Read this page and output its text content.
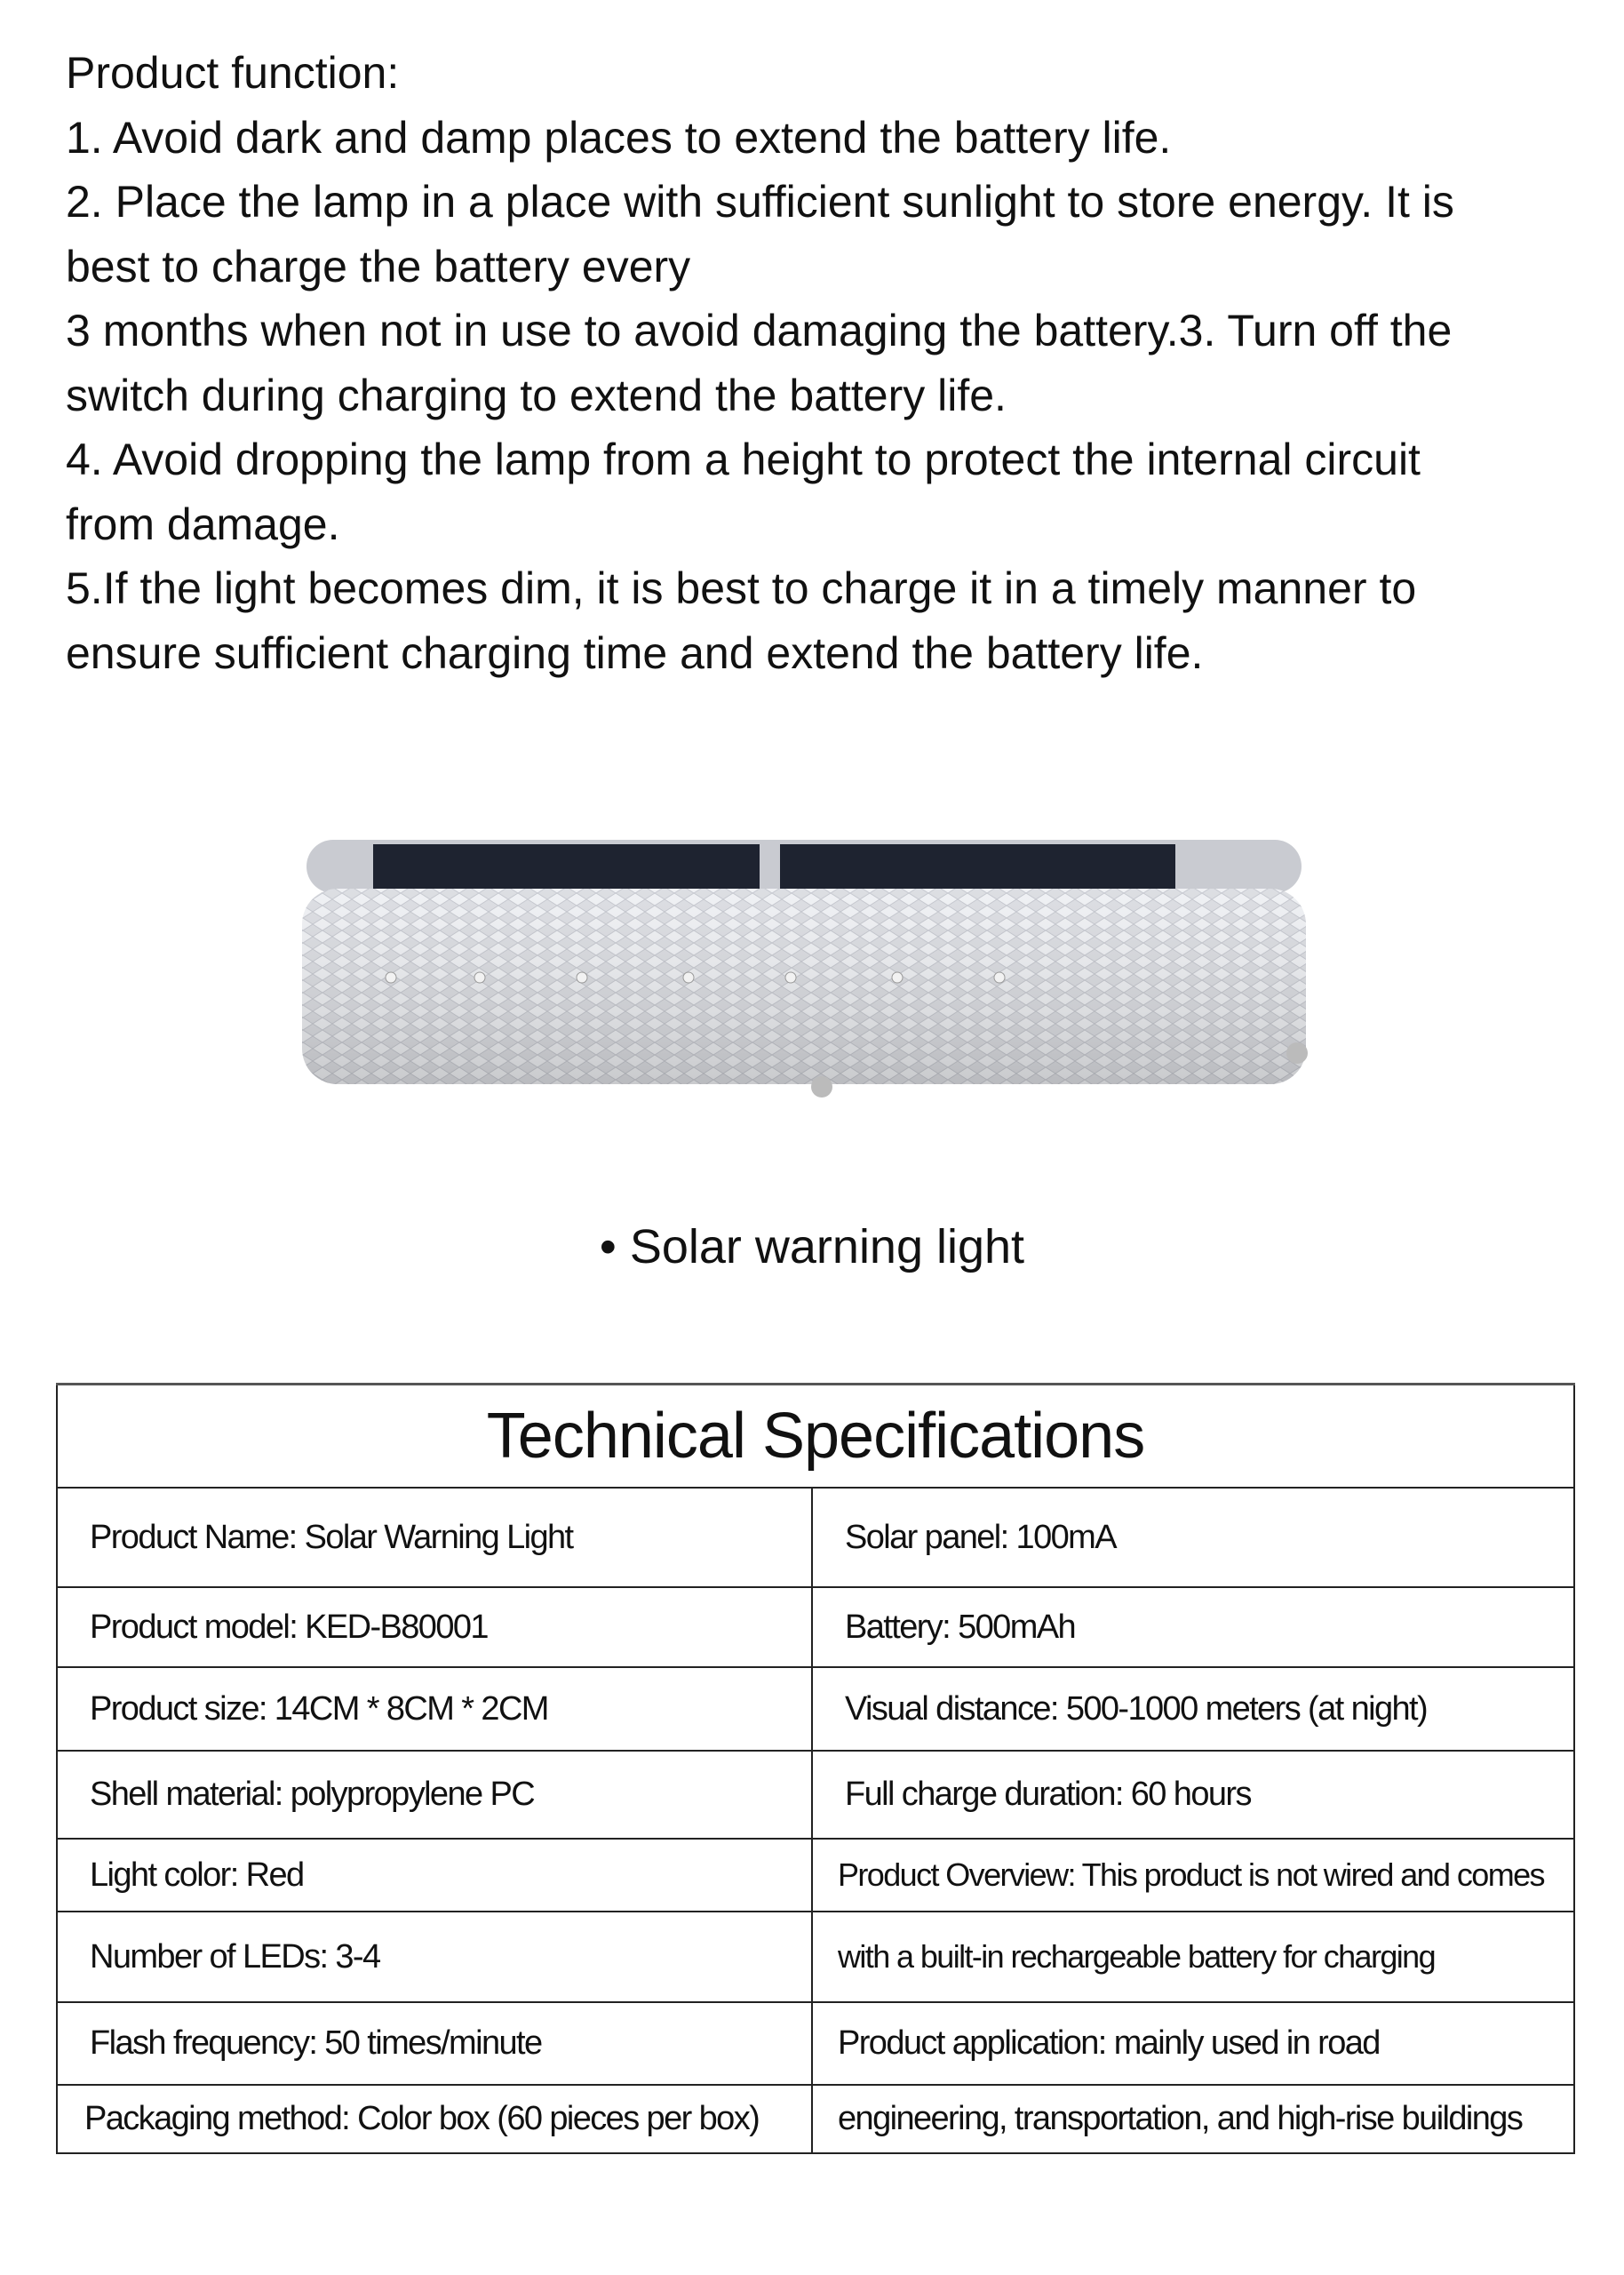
Product function:
1. Avoid dark and damp places to extend the battery life.
2. Place the lamp in a place with sufficient sunlight to store energy. It is
best to charge the battery every
3 months when not in use to avoid damaging the battery.3. Turn off the
switch during charging to extend the battery life.
4. Avoid dropping the lamp from a height to protect the internal circuit
from damage.
5.If the light becomes dim, it is best to charge it in a timely manner to
ensure sufficient charging time and extend the battery life.
• Solar warning light
Technical Specifications	
Product Name: Solar Warning Light	Solar panel: 100mA
Product model: KED-B80001	Battery: 500mAh
Product size: 14CM * 8CM * 2CM	Visual distance: 500-1000 meters (at night)
Shell material: polypropylene PC	Full charge duration: 60 hours
Light color: Red	Product Overview: This product is not wired and comes
Number of LEDs: 3-4	with a built-in rechargeable battery for charging
Flash frequency: 50 times/minute	Product application: mainly used in road
Packaging method: Color box (60 pieces per box)	engineering, transportation, and high-rise buildings
